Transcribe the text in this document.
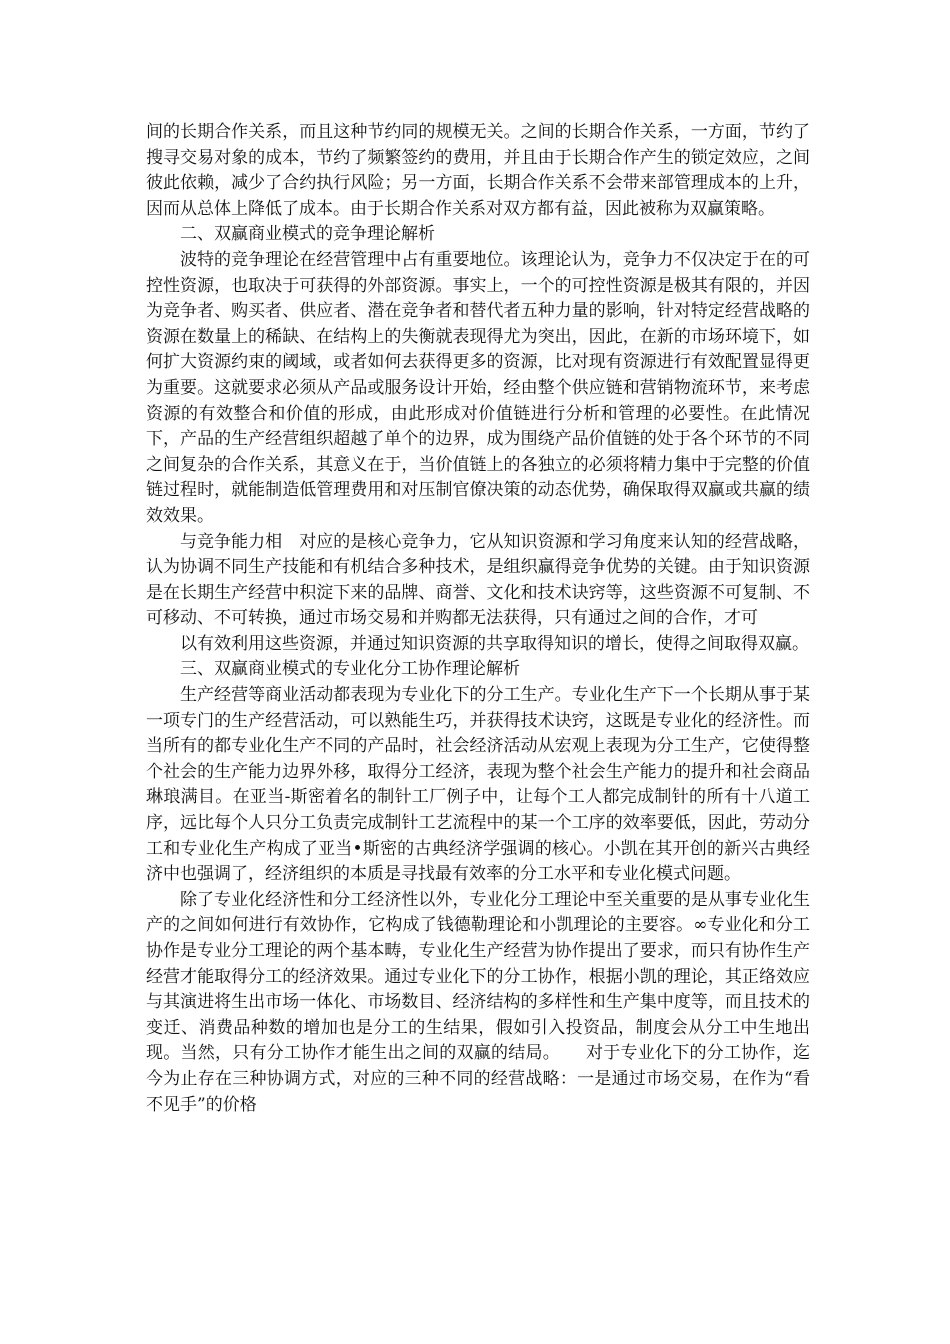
间的长期合作关系，而且这种节约同的规模无关。之间的长期合作关系，一方面，节约了搜寻交易对象的成本，节约了频繁签约的费用，并且由于长期合作产生的锁定效应，之间彼此依赖，减少了合约执行风险；另一方面，长期合作关系不会带来部管理成本的上升，因而从总体上降低了成本。由于长期合作关系对双方都有益，因此被称为双赢策略。

二、双赢商业模式的竞争理论解析

波特的竞争理论在经营管理中占有重要地位。该理论认为，竞争力不仅决定于在的可控性资源，也取决于可获得的外部资源。事实上，一个的可控性资源是极其有限的，并因为竞争者、购买者、供应者、潜在竞争者和替代者五种力量的影响，针对特定经营战略的资源在数量上的稀缺、在结构上的失衡就表现得尤为突出，因此，在新的市场环境下，如何扩大资源约束的阈域，或者如何去获得更多的资源，比对现有资源进行有效配置显得更为重要。这就要求必须从产品或服务设计开始，经由整个供应链和营销物流环节，来考虑资源的有效整合和价值的形成，由此形成对价值链进行分析和管理的必要性。在此情况下，产品的生产经营组织超越了单个的边界，成为围绕产品价值链的处于各个环节的不同之间复杂的合作关系，其意义在于，当价值链上的各独立的必须将精力集中于完整的价值链过程时，就能制造低管理费用和对压制官僚决策的动态优势，确保取得双赢或共赢的绩效效果。

与竞争能力相　对应的是核心竞争力，它从知识资源和学习角度来认知的经营战略，认为协调不同生产技能和有机结合多种技术，是组织赢得竞争优势的关键。由于知识资源是在长期生产经营中积淀下来的品牌、商誉、文化和技术诀窍等，这些资源不可复制、不可移动、不可转换，通过市场交易和并购都无法获得，只有通过之间的合作，才可

以有效利用这些资源，并通过知识资源的共享取得知识的增长，使得之间取得双赢。

三、双赢商业模式的专业化分工协作理论解析

生产经营等商业活动都表现为专业化下的分工生产。专业化生产下一个长期从事于某一项专门的生产经营活动，可以熟能生巧，并获得技术诀窍，这既是专业化的经济性。而当所有的都专业化生产不同的产品时，社会经济活动从宏观上表现为分工生产，它使得整个社会的生产能力边界外移，取得分工经济，表现为整个社会生产能力的提升和社会商品琳琅满目。在亚当-斯密着名的制针工厂例子中，让每个工人都完成制针的所有十八道工序，远比每个人只分工负责完成制针工艺流程中的某一个工序的效率要低，因此，劳动分工和专业化生产构成了亚当•斯密的古典经济学强调的核心。小凯在其开创的新兴古典经济中也强调了，经济组织的本质是寻找最有效率的分工水平和专业化模式问题。

除了专业化经济性和分工经济性以外，专业化分工理论中至关重要的是从事专业化生产的之间如何进行有效协作，它构成了钱德勒理论和小凯理论的主要容。∞专业化和分工协作是专业分工理论的两个基本畴，专业化生产经营为协作提出了要求，而只有协作生产经营才能取得分工的经济效果。通过专业化下的分工协作，根据小凯的理论，其正络效应与其演进将生出市场一体化、市场数目、经济结构的多样性和生产集中度等，而且技术的变迁、消费品种数的增加也是分工的生结果，假如引入投资品，制度会从分工中生地出现。当然，只有分工协作才能生出之间的双赢的结局。　　对于专业化下的分工协作，迄今为止存在三种协调方式，对应的三种不同的经营战略：一是通过市场交易，在作为“看不见手”的价格
